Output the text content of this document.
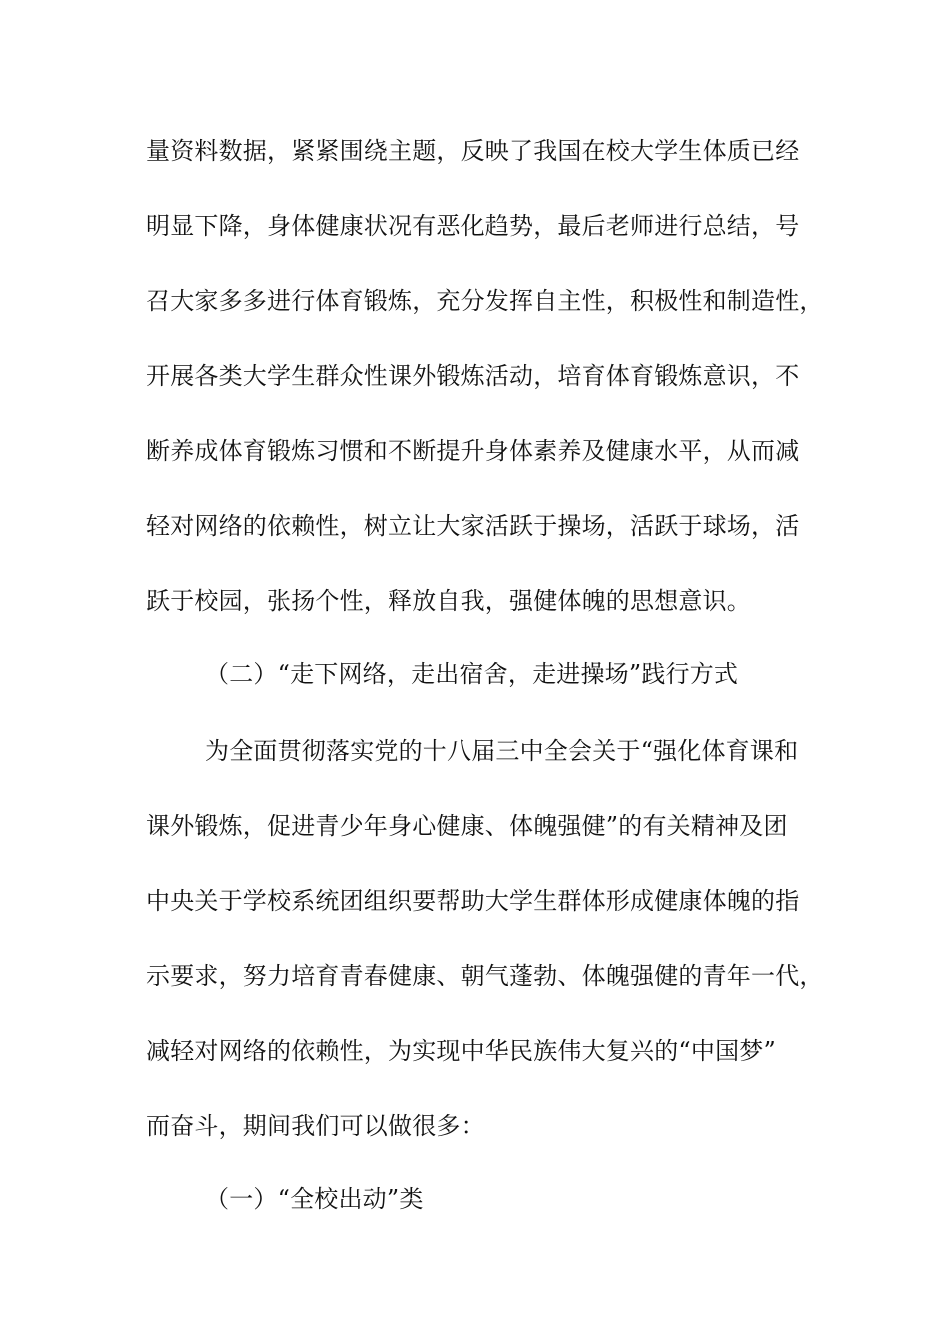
量资料数据，紧紧围绕主题，反映了我国在校大学生体质已经
明显下降，身体健康状况有恶化趋势，最后老师进行总结，号
召大家多多进行体育锻炼，充分发挥自主性，积极性和制造性，
开展各类大学生群众性课外锻炼活动，培育体育锻炼意识，不
断养成体育锻炼习惯和不断提升身体素养及健康水平，从而减
轻对网络的依赖性，树立让大家活跃于操场，活跃于球场，活
跃于校园，张扬个性，释放自我，强健体魄的思想意识。
（二）“走下网络，走出宿舍，走进操场”践行方式
为全面贯彻落实党的十八届三中全会关于“强化体育课和
课外锻炼，促进青少年身心健康、体魄强健”的有关精神及团
中央关于学校系统团组织要帮助大学生群体形成健康体魄的指
示要求，努力培育青春健康、朝气蓬勃、体魄强健的青年一代，
减轻对网络的依赖性，为实现中华民族伟大复兴的“中国梦”
而奋斗，期间我们可以做很多：
（一）“全校出动”类
